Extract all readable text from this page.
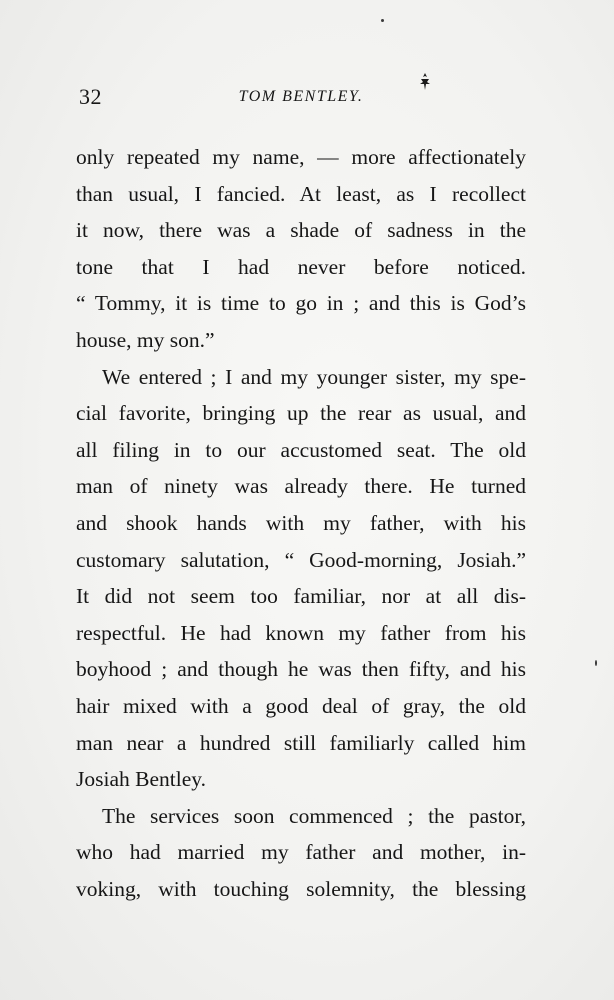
32	TOM BENTLEY.
only repeated my name, — more affectionately
than usual, I fancied. At least, as I recollect
it now, there was a shade of sadness in the
tone that I had never before noticed.
“ Tommy, it is time to go in ; and this is God’s
house, my son.”
We entered ; I and my younger sister, my spe-
cial favorite, bringing up the rear as usual, and
all filing in to our accustomed seat. The old
man of ninety was already there. He turned
and shook hands with my father, with his
customary salutation, “ Good-morning, Josiah.”
It did not seem too familiar, nor at all dis-
respectful. He had known my father from his
boyhood ; and though he was then fifty, and his
hair mixed with a good deal of gray, the old
man near a hundred still familiarly called him
Josiah Bentley.
The services soon commenced ; the pastor,
who had married my father and mother, in-
voking, with touching solemnity, the blessing
